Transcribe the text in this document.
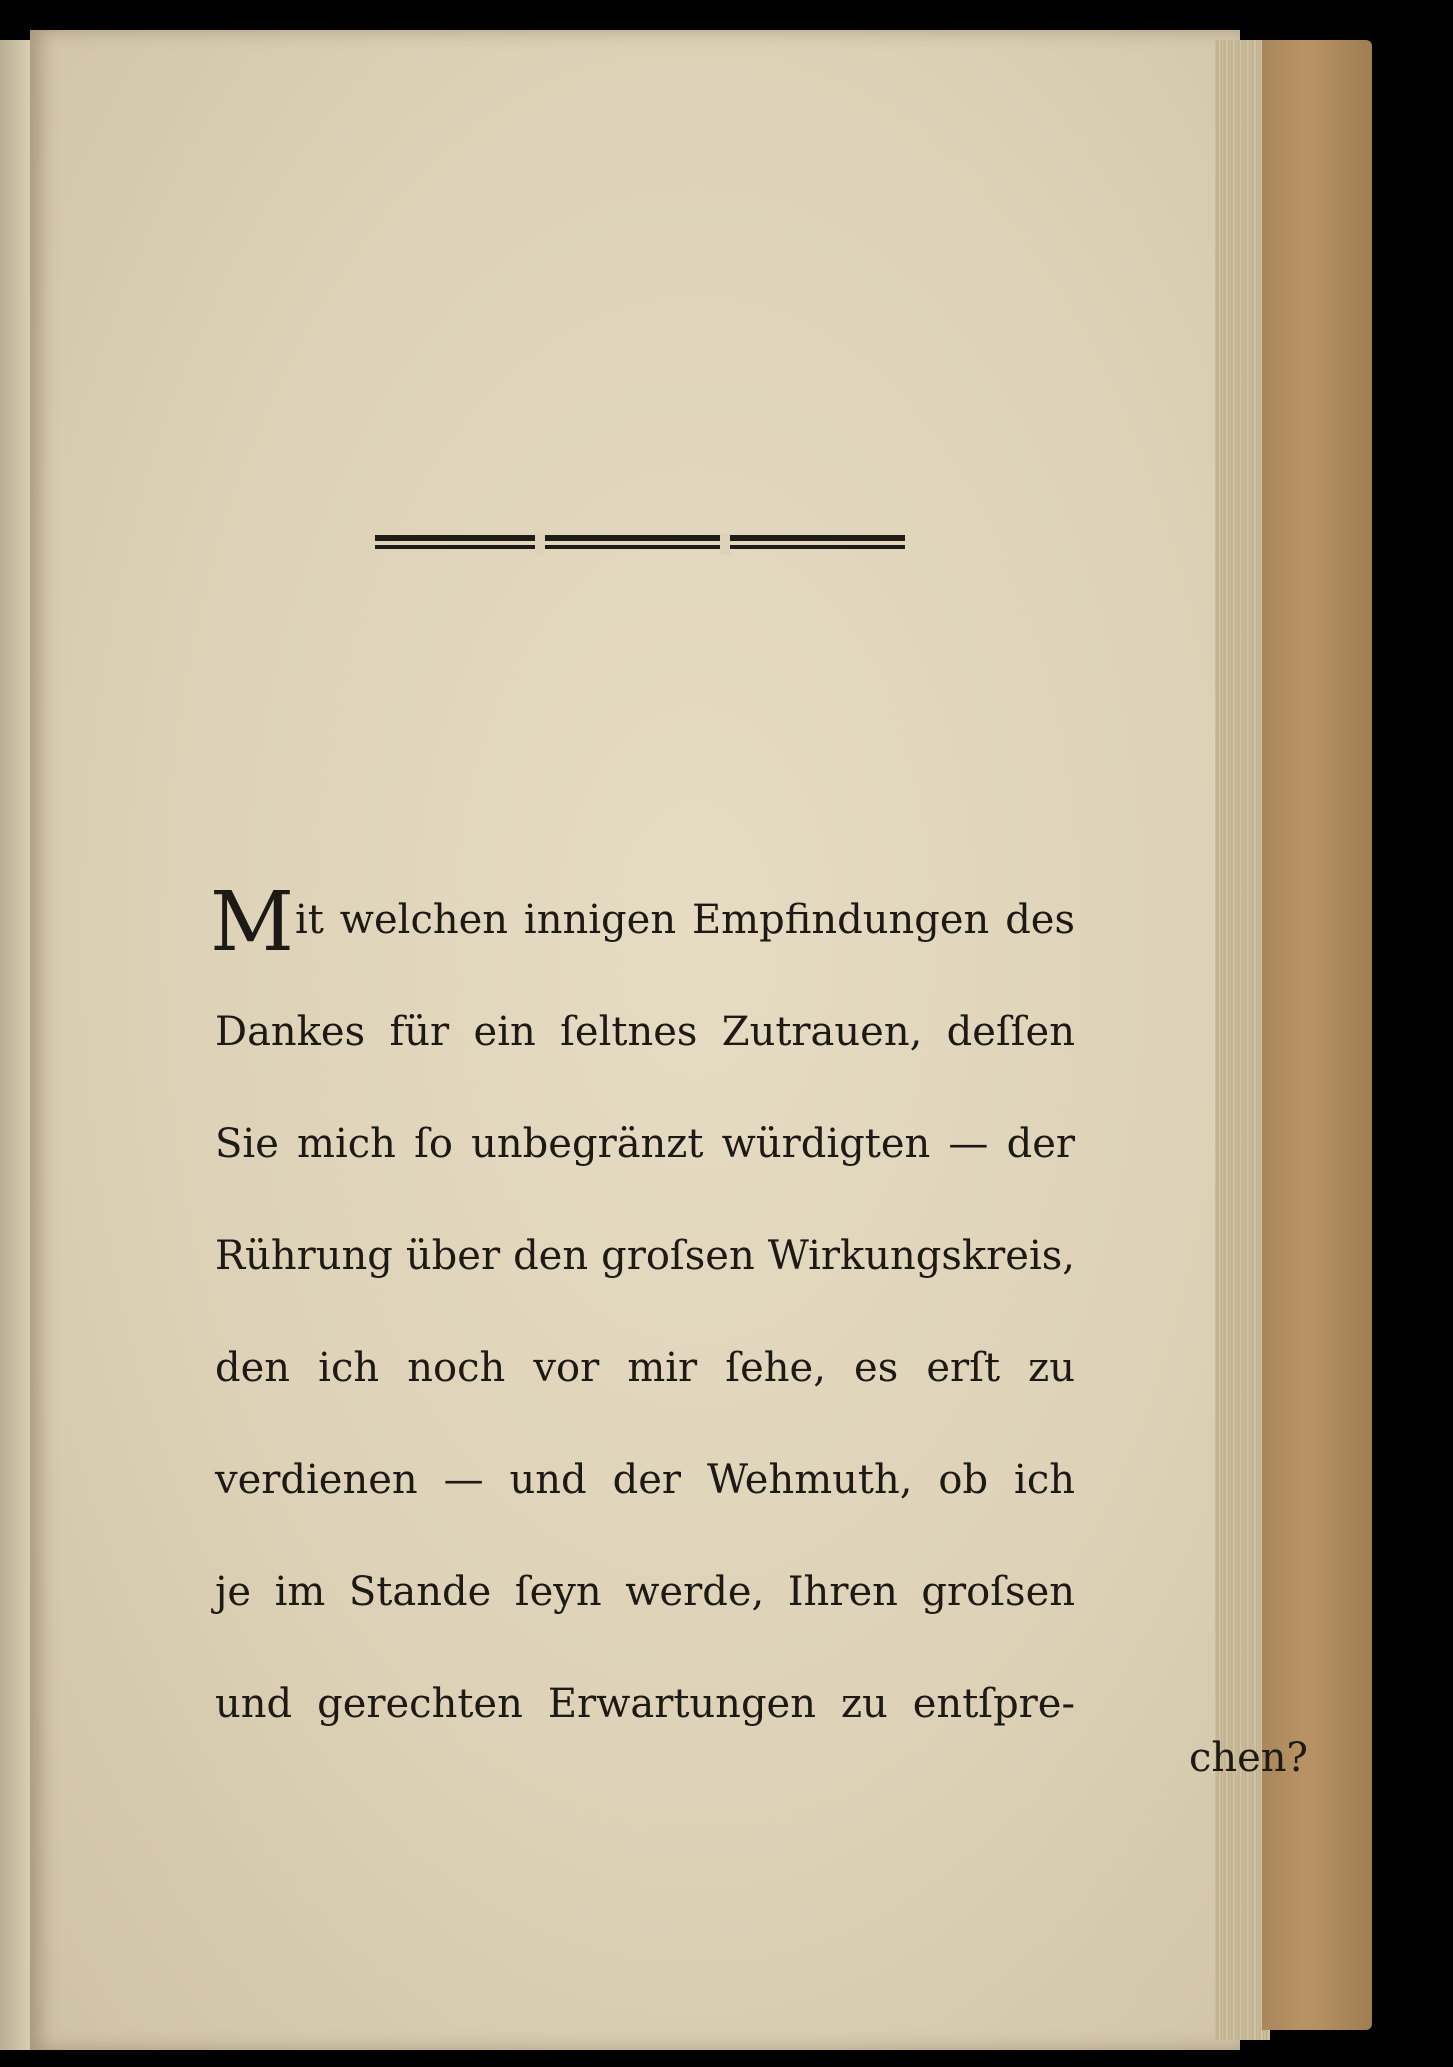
M it welchen innigen Empfindungen des
Dankes für ein ſeltnes Zutrauen, deſſen
Sie mich ſo unbegränzt würdigten — der
Rührung über den groſsen Wirkungskreis,
den ich noch vor mir ſehe, es erſt zu
verdienen — und der Wehmuth, ob ich
je im Stande ſeyn werde, Ihren groſsen
und gerechten Erwartungen zu entſpre-
chen?
